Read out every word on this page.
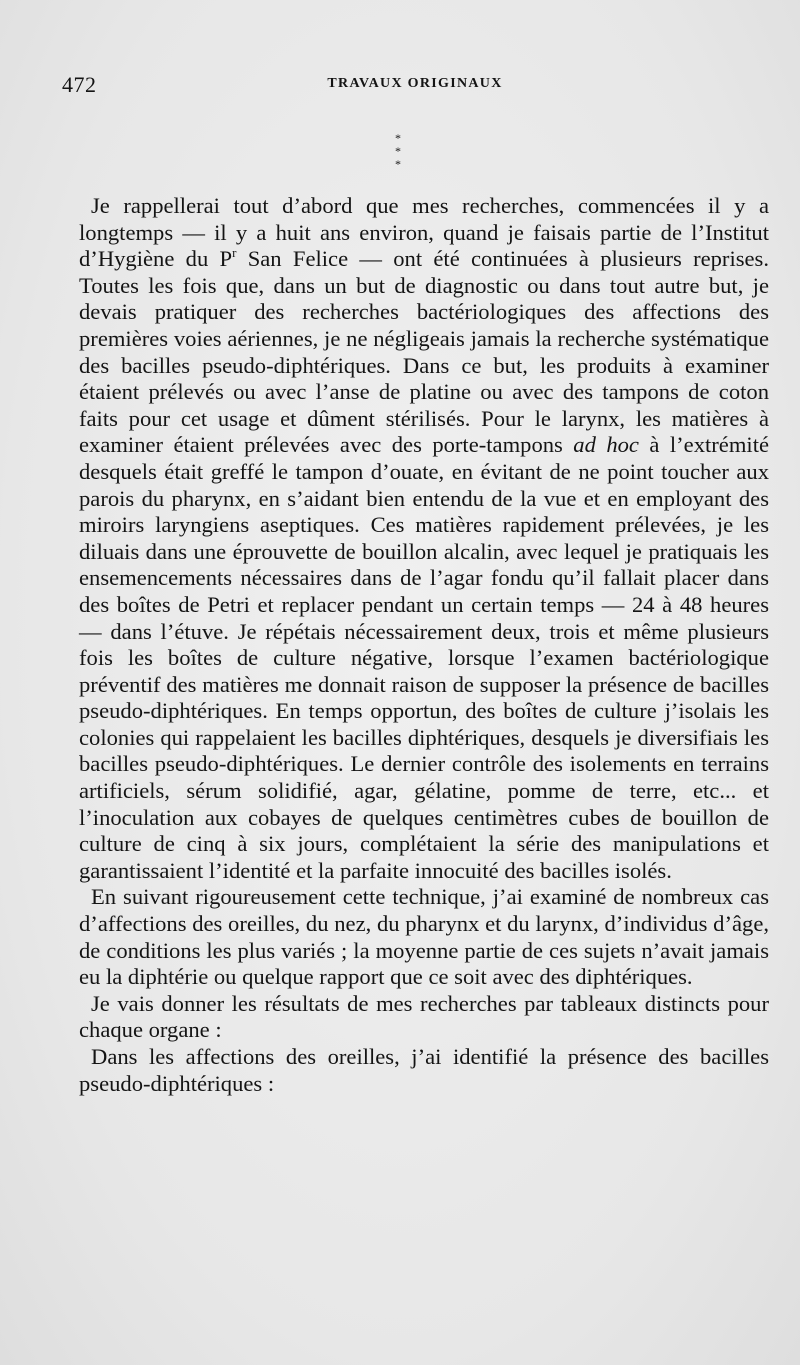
472	TRAVAUX ORIGINAUX
*
* *

Je rappellerai tout d’abord que mes recherches, commencées il y a longtemps — il y a huit ans environ, quand je faisais partie de l’Institut d’Hygiène du $P^r$ San Felice — ont été continuées à plusieurs reprises. Toutes les fois que, dans un but de diagnostic ou dans tout autre but, je devais pratiquer des recherches bactériologiques des affections des premières voies aériennes, je ne négligeais jamais la recherche systématique des bacilles pseudo-diphtériques. Dans ce but, les produits à examiner étaient prélevés ou avec l’anse de platine ou avec des tampons de coton faits pour cet usage et dûment stérilisés. Pour le larynx, les matières à examiner étaient prélevées avec des porte-tampons ad hoc à l’extrémité desquels était greffé le tampon d’ouate, en évitant de ne point toucher aux parois du pharynx, en s’aidant bien entendu de la vue et en employant des miroirs laryngiens aseptiques. Ces matières rapidement prélevées, je les diluais dans une éprouvette de bouillon alcalin, avec lequel je pratiquais les ensemencements nécessaires dans de l’agar fondu qu’il fallait placer dans des boîtes de Petri et replacer pendant un certain temps — 24 à 48 heures — dans l’étuve. Je répétais nécessairement deux, trois et même plusieurs fois les boîtes de culture négative, lorsque l’examen bactériologique préventif des matières me donnait raison de supposer la présence de bacilles pseudo-diphtériques. En temps opportun, des boîtes de culture j’isolais les colonies qui rappelaient les bacilles diphtériques, desquels je diversifiais les bacilles pseudo-diphtériques. Le dernier contrôle des isolements en terrains artificiels, sérum solidifié, agar, gélatine, pomme de terre, etc... et l’inoculation aux cobayes de quelques centimètres cubes de bouillon de culture de cinq à six jours, complétaient la série des manipulations et garantissaient l’identité et la parfaite innocuité des bacilles isolés.

En suivant rigoureusement cette technique, j’ai examiné de nombreux cas d’affections des oreilles, du nez, du pharynx et du larynx, d’individus d’âge, de conditions les plus variés ; la moyenne partie de ces sujets n’avait jamais eu la diphtérie ou quelque rapport que ce soit avec des diphtériques.

Je vais donner les résultats de mes recherches par tableaux distincts pour chaque organe :

Dans les affections des oreilles, j’ai identifié la présence des bacilles pseudo-diphtériques :
